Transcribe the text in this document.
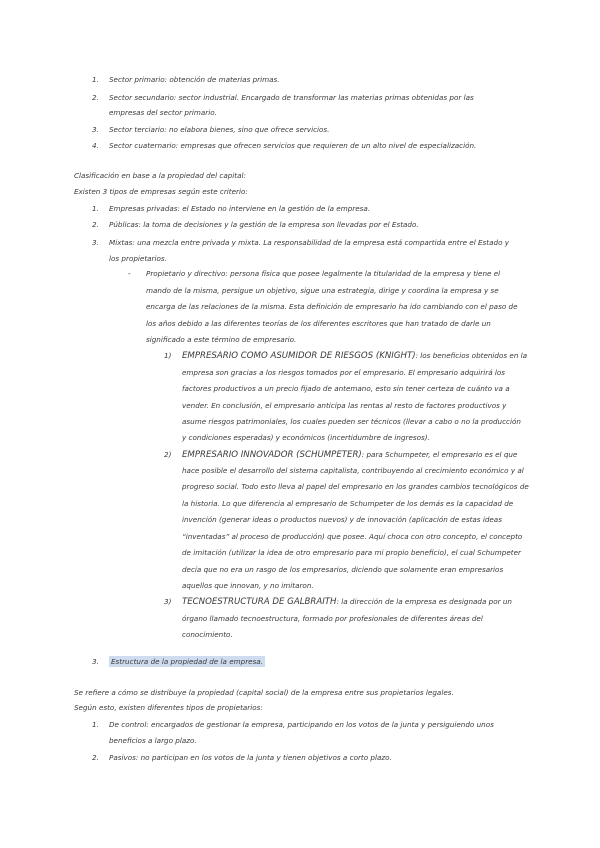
1. Sector primario: obtención de materias primas.
2. Sector secundario: sector industrial. Encargado de transformar las materias primas obtenidas por las
empresas del sector primario.
3. Sector terciario: no elabora bienes, sino que ofrece servicios.
4. Sector cuaternario: empresas que ofrecen servicios que requieren de un alto nivel de especialización.
Clasificación en base a la propiedad del capital:
Existen 3 tipos de empresas según este criterio:
1. Empresas privadas: el Estado no interviene en la gestión de la empresa.
2. Públicas: la toma de decisiones y la gestión de la empresa son llevadas por el Estado.
3. Mixtas: una mezcla entre privada y mixta. La responsabilidad de la empresa está compartida entre el Estado y
los propietarios.
- Propietario y directivo: persona física que posee legalmente la titularidad de la empresa y tiene el
mando de la misma, persigue un objetivo, sigue una estrategia, dirige y coordina la empresa y se
encarga de las relaciones de la misma. Esta definición de empresario ha ido cambiando con el paso de
los años debido a las diferentes teorías de los diferentes escritores que han tratado de darle un
significado a este término de empresario.
1) EMPRESARIO COMO ASUMIDOR DE RIESGOS (KNIGHT): los beneficios obtenidos en la
empresa son gracias a los riesgos tomados por el empresario. El empresario adquirirá los
factores productivos a un precio fijado de antemano, esto sin tener certeza de cuánto va a
vender. En conclusión, el empresario anticipa las rentas al resto de factores productivos y
asume riesgos patrimoniales, los cuales pueden ser técnicos (llevar a cabo o no la producción
y condiciones esperadas) y económicos (incertidumbre de ingresos).
2) EMPRESARIO INNOVADOR (SCHUMPETER): para Schumpeter, el empresario es el que
hace posible el desarrollo del sistema capitalista, contribuyendo al crecimiento económico y al
progreso social. Todo esto lleva al papel del empresario en los grandes cambios tecnológicos de
la historia. Lo que diferencia al empresario de Schumpeter de los demás es la capacidad de
invención (generar ideas o productos nuevos) y de innovación (aplicación de estas ideas
“inventadas” al proceso de producción) que posee. Aquí choca con otro concepto, el concepto
de imitación (utilizar la idea de otro empresario para mi propio beneficio), el cual Schumpeter
decía que no era un rasgo de los empresarios, diciendo que solamente eran empresarios
aquellos que innovan, y no imitaron.
3) TECNOESTRUCTURA DE GALBRAITH: la dirección de la empresa es designada por un
órgano llamado tecnoestructura, formado por profesionales de diferentes áreas del
conocimiento.
3. Estructura de la propiedad de la empresa.
Se refiere a cómo se distribuye la propiedad (capital social) de la empresa entre sus propietarios legales.
Según esto, existen diferentes tipos de propietarios:
1. De control: encargados de gestionar la empresa, participando en los votos de la junta y persiguiendo unos
beneficios a largo plazo.
2. Pasivos: no participan en los votos de la junta y tienen objetivos a corto plazo.
